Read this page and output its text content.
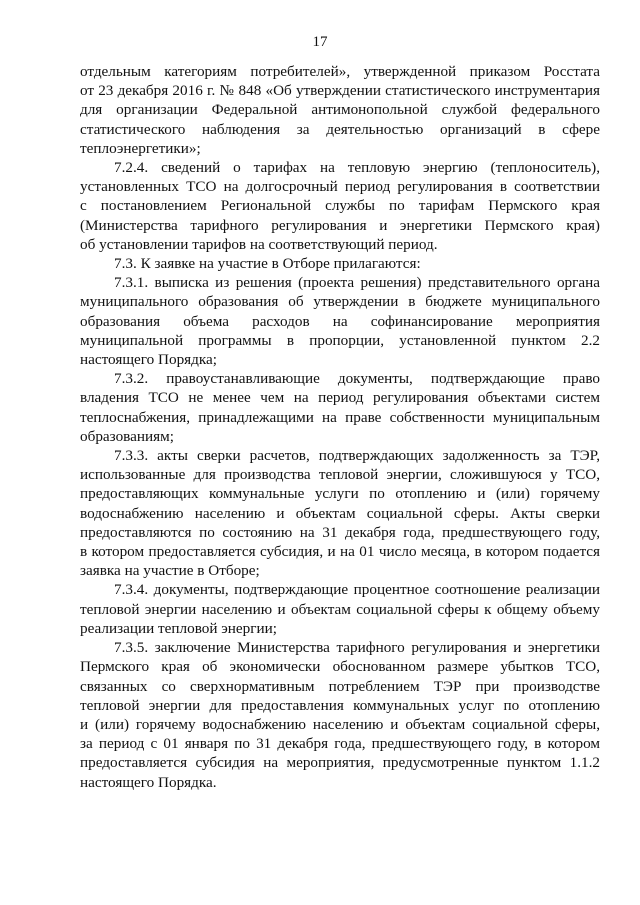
17
отдельным категориям потребителей», утвержденной приказом Росстата
от 23 декабря 2016 г. № 848 «Об утверждении статистического инструментария
для организации Федеральной антимонопольной службой федерального
статистического наблюдения за деятельностью организаций в сфере
теплоэнергетики»;
7.2.4. сведений о тарифах на тепловую энергию (теплоноситель),
установленных ТСО на долгосрочный период регулирования в соответствии
с постановлением Региональной службы по тарифам Пермского края
(Министерства тарифного регулирования и энергетики Пермского края)
об установлении тарифов на соответствующий период.
7.3. К заявке на участие в Отборе прилагаются:
7.3.1. выписка из решения (проекта решения) представительного органа
муниципального образования об утверждении в бюджете муниципального
образования объема расходов на софинансирование мероприятия
муниципальной программы в пропорции, установленной пунктом 2.2
настоящего Порядка;
7.3.2. правоустанавливающие документы, подтверждающие право
владения ТСО не менее чем на период регулирования объектами систем
теплоснабжения, принадлежащими на праве собственности муниципальным
образованиям;
7.3.3. акты сверки расчетов, подтверждающих задолженность за ТЭР,
использованные для производства тепловой энергии, сложившуюся у ТСО,
предоставляющих коммунальные услуги по отоплению и (или) горячему
водоснабжению населению и объектам социальной сферы. Акты сверки
предоставляются по состоянию на 31 декабря года, предшествующего году,
в котором предоставляется субсидия, и на 01 число месяца, в котором подается
заявка на участие в Отборе;
7.3.4. документы, подтверждающие процентное соотношение реализации
тепловой энергии населению и объектам социальной сферы к общему объему
реализации тепловой энергии;
7.3.5. заключение Министерства тарифного регулирования и энергетики
Пермского края об экономически обоснованном размере убытков ТСО,
связанных со сверхнормативным потреблением ТЭР при производстве
тепловой энергии для предоставления коммунальных услуг по отоплению
и (или) горячему водоснабжению населению и объектам социальной сферы,
за период с 01 января по 31 декабря года, предшествующего году, в котором
предоставляется субсидия на мероприятия, предусмотренные пунктом 1.1.2
настоящего Порядка.
